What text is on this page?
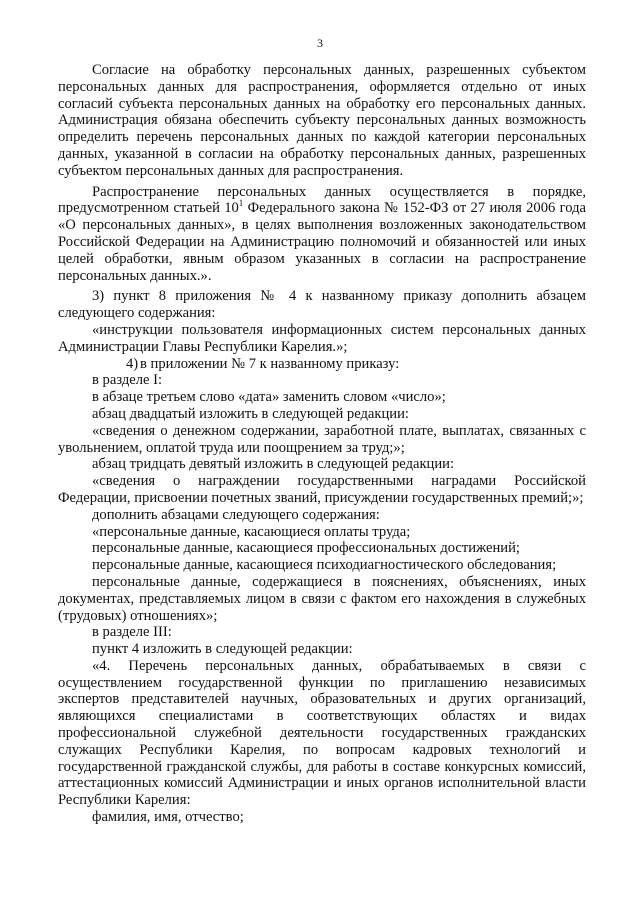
3

Согласие на обработку персональных данных, разрешенных субъектом персональных данных для распространения, оформляется отдельно от иных согласий субъекта персональных данных на обработку его персональных данных. Администрация обязана обеспечить субъекту персональных данных возможность определить перечень персональных данных по каждой категории персональных данных, указанной в согласии на обработку персональных данных, разрешенных субъектом персональных данных для распространения.

Распространение персональных данных осуществляется в порядке, предусмотренном статьей $10^1$ Федерального закона № 152-ФЗ от 27 июля 2006 года «О персональных данных», в целях выполнения возложенных законодательством Российской Федерации на Администрацию полномочий и обязанностей или иных целей обработки, явным образом указанных в согласии на распространение персональных данных.».

3) пункт 8 приложения № 4 к названному приказу дополнить абзацем следующего содержания:

«инструкции пользователя информационных систем персональных данных Администрации Главы Республики Карелия.»;

4) в приложении № 7 к названному приказу:

в разделе I:

в абзаце третьем слово «дата» заменить словом «число»;

абзац двадцатый изложить в следующей редакции:

«сведения о денежном содержании, заработной плате, выплатах, связанных с увольнением, оплатой труда или поощрением за труд;»;

абзац тридцать девятый изложить в следующей редакции:

«сведения о награждении государственными наградами Российской Федерации, присвоении почетных званий, присуждении государственных премий;»;

дополнить абзацами следующего содержания:

«персональные данные, касающиеся оплаты труда;

персональные данные, касающиеся профессиональных достижений;

персональные данные, касающиеся психодиагностического обследования;

персональные данные, содержащиеся в пояснениях, объяснениях, иных документах, представляемых лицом в связи с фактом его нахождения в служебных (трудовых) отношениях»;

в разделе III:

пункт 4 изложить в следующей редакции:

«4. Перечень персональных данных, обрабатываемых в связи с осуществлением государственной функции по приглашению независимых экспертов представителей научных, образовательных и других организаций, являющихся специалистами в соответствующих областях и видах профессиональной служебной деятельности государственных гражданских служащих Республики Карелия, по вопросам кадровых технологий и государственной гражданской службы, для работы в составе конкурсных комиссий, аттестационных комиссий Администрации и иных органов исполнительной власти Республики Карелия:

фамилия, имя, отчество;
